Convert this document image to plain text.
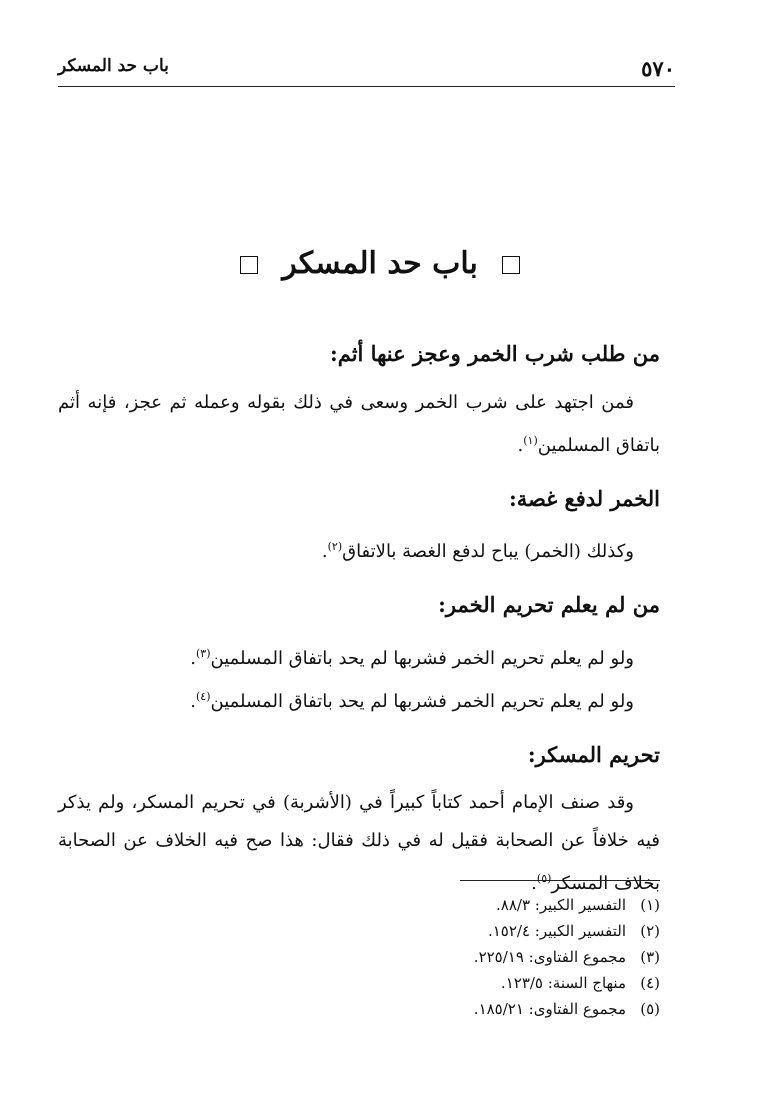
٥٧٠
باب حد المسكر
باب حد المسكر
من طلب شرب الخمر وعجز عنها أثم:

فمن اجتهد على شرب الخمر وسعى في ذلك بقوله وعمله ثم عجز، فإنه أثم باتفاق المسلمين$^{(١)}$.

الخمر لدفع غصة:

وكذلك (الخمر) يباح لدفع الغصة بالاتفاق$^{(٢)}$.

من لم يعلم تحريم الخمر:

ولو لم يعلم تحريم الخمر فشربها لم يحد باتفاق المسلمين$^{(٣)}$.

ولو لم يعلم تحريم الخمر فشربها لم يحد باتفاق المسلمين$^{(٤)}$.

تحريم المسكر:

وقد صنف الإمام أحمد كتاباً كبيراً في (الأشربة) في تحريم المسكر، ولم يذكر فيه خلافاً عن الصحابة فقيل له في ذلك فقال: هذا صح فيه الخلاف عن الصحابة بخلاف المسكر$^{(٥)}$.

(١)التفسير الكبير: ٨٨/٣.
(٢)التفسير الكبير: ١٥٢/٤.
(٣)مجموع الفتاوى: ٢٢٥/١٩.
(٤)منهاج السنة: ١٢٣/٥.
(٥)مجموع الفتاوى: ١٨٥/٢١.
